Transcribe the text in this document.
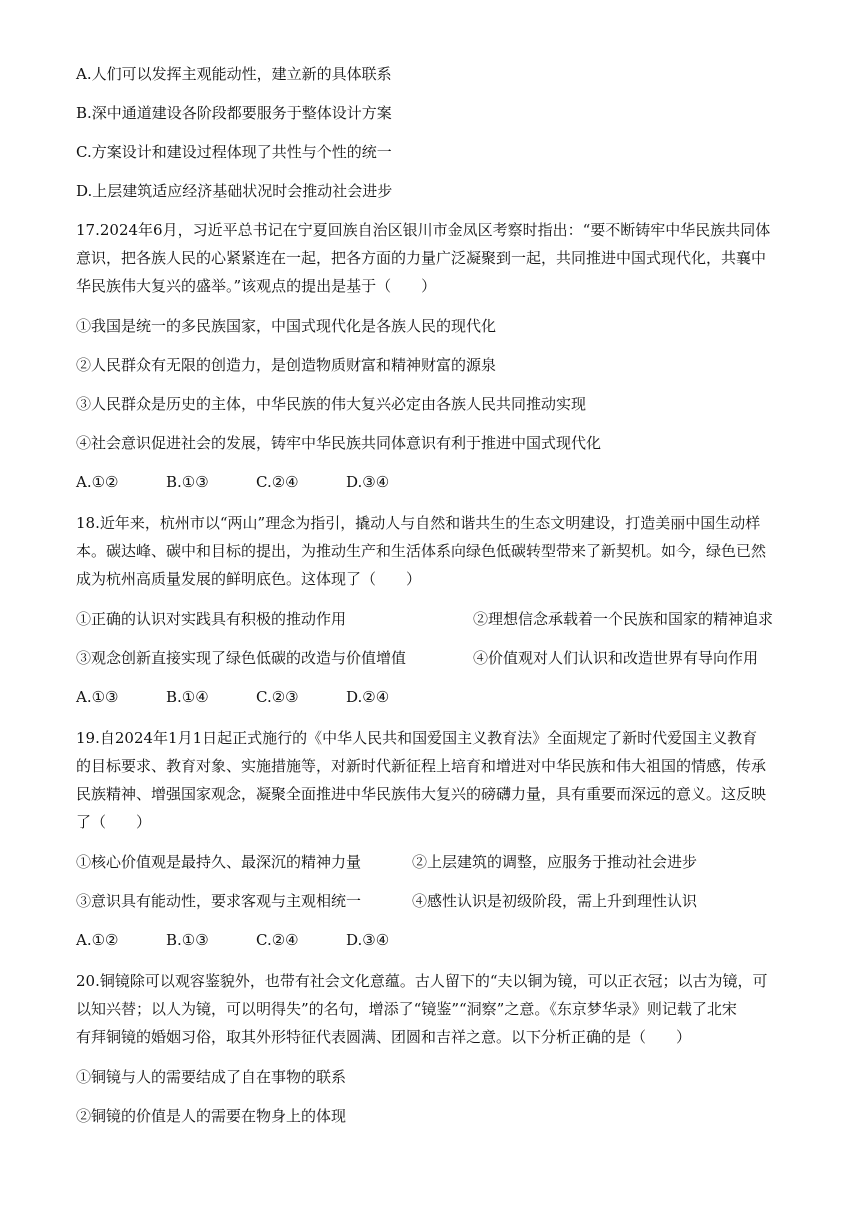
A.人们可以发挥主观能动性，建立新的具体联系
B.深中通道建设各阶段都要服务于整体设计方案
C.方案设计和建设过程体现了共性与个性的统一
D.上层建筑适应经济基础状况时会推动社会进步
17.2024年6月，习近平总书记在宁夏回族自治区银川市金凤区考察时指出：“要不断铸牢中华民族共同体
意识，把各族人民的心紧紧连在一起，把各方面的力量广泛凝聚到一起，共同推进中国式现代化，共襄中
华民族伟大复兴的盛举。”该观点的提出是基于（　　）
①我国是统一的多民族国家，中国式现代化是各族人民的现代化
②人民群众有无限的创造力，是创造物质财富和精神财富的源泉
③人民群众是历史的主体，中华民族的伟大复兴必定由各族人民共同推动实现
④社会意识促进社会的发展，铸牢中华民族共同体意识有利于推进中国式现代化
A.①②	B.①③	C.②④	D.③④
18.近年来，杭州市以“两山”理念为指引，撬动人与自然和谐共生的生态文明建设，打造美丽中国生动样
本。碳达峰、碳中和目标的提出，为推动生产和生活体系向绿色低碳转型带来了新契机。如今，绿色已然
成为杭州高质量发展的鲜明底色。这体现了（　　）
①正确的认识对实践具有积极的推动作用	②理想信念承载着一个民族和国家的精神追求
③观念创新直接实现了绿色低碳的改造与价值增值	④价值观对人们认识和改造世界有导向作用
A.①③	B.①④	C.②③	D.②④
19.自2024年1月1日起正式施行的《中华人民共和国爱国主义教育法》全面规定了新时代爱国主义教育
的目标要求、教育对象、实施措施等，对新时代新征程上培育和增进对中华民族和伟大祖国的情感，传承
民族精神、增强国家观念，凝聚全面推进中华民族伟大复兴的磅礴力量，具有重要而深远的意义。这反映
了（　　）
①核心价值观是最持久、最深沉的精神力量	②上层建筑的调整，应服务于推动社会进步
③意识具有能动性，要求客观与主观相统一	④感性认识是初级阶段，需上升到理性认识
A.①②	B.①③	C.②④	D.③④
20.铜镜除可以观容鉴貌外，也带有社会文化意蕴。古人留下的“夫以铜为镜，可以正衣冠；以古为镜，可
以知兴替；以人为镜，可以明得失”的名句，增添了“镜鉴”“洞察”之意。《东京梦华录》则记载了北宋
有拜铜镜的婚姻习俗，取其外形特征代表圆满、团圆和吉祥之意。以下分析正确的是（　　）
①铜镜与人的需要结成了自在事物的联系
②铜镜的价值是人的需要在物身上的体现
